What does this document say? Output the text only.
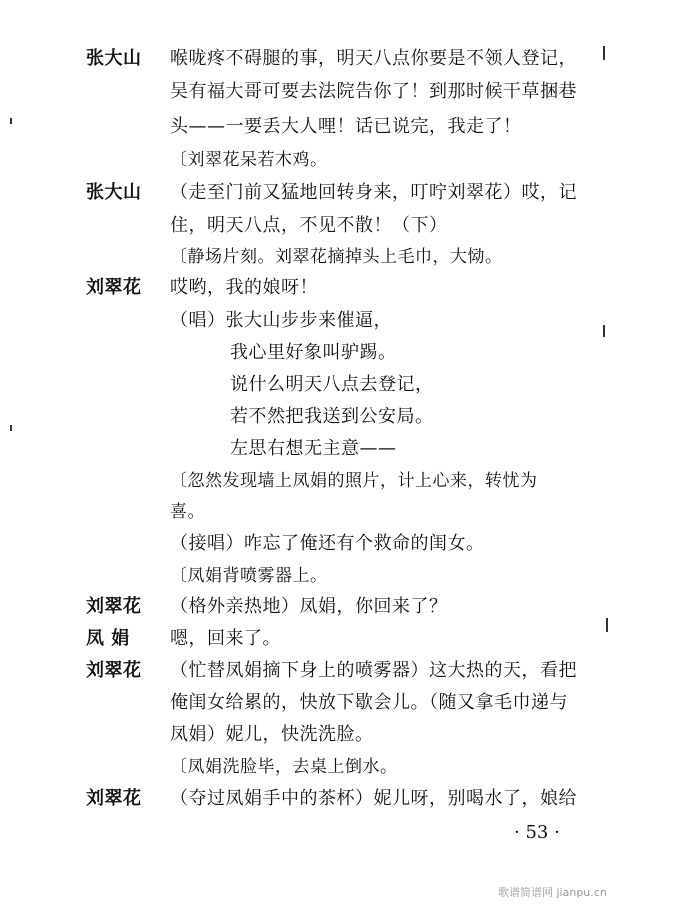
张大山	喉咙疼不碍腿的事，明天八点你要是不领人登记，
吴有福大哥可要去法院告你了！到那时候干草捆巷
头——一要丢大人哩！话已说完，我走了！
〔刘翠花呆若木鸡。
张大山	（走至门前又猛地回转身来，叮咛刘翠花）哎，记
住，明天八点，不见不散！（下）
〔静场片刻。刘翠花摘掉头上毛巾，大恸。
刘翠花	哎哟，我的娘呀！
（唱）张大山步步来催逼，
我心里好象叫驴踢。
说什么明天八点去登记，
若不然把我送到公安局。
左思右想无主意——
〔忽然发现墙上凤娟的照片，计上心来，转忧为
喜。
（接唱）咋忘了俺还有个救命的闺女。
〔凤娟背喷雾器上。
刘翠花	（格外亲热地）凤娟，你回来了？
凤 娟	嗯，回来了。
刘翠花	（忙替凤娟摘下身上的喷雾器）这大热的天，看把
俺闺女给累的，快放下歇会儿。（随又拿毛巾递与
凤娟）妮儿，快洗洗脸。
〔凤娟洗脸毕，去桌上倒水。
刘翠花	（夺过凤娟手中的茶杯）妮儿呀，别喝水了，娘给
· 53 ·
歌谱简谱网 jianpu.cn
